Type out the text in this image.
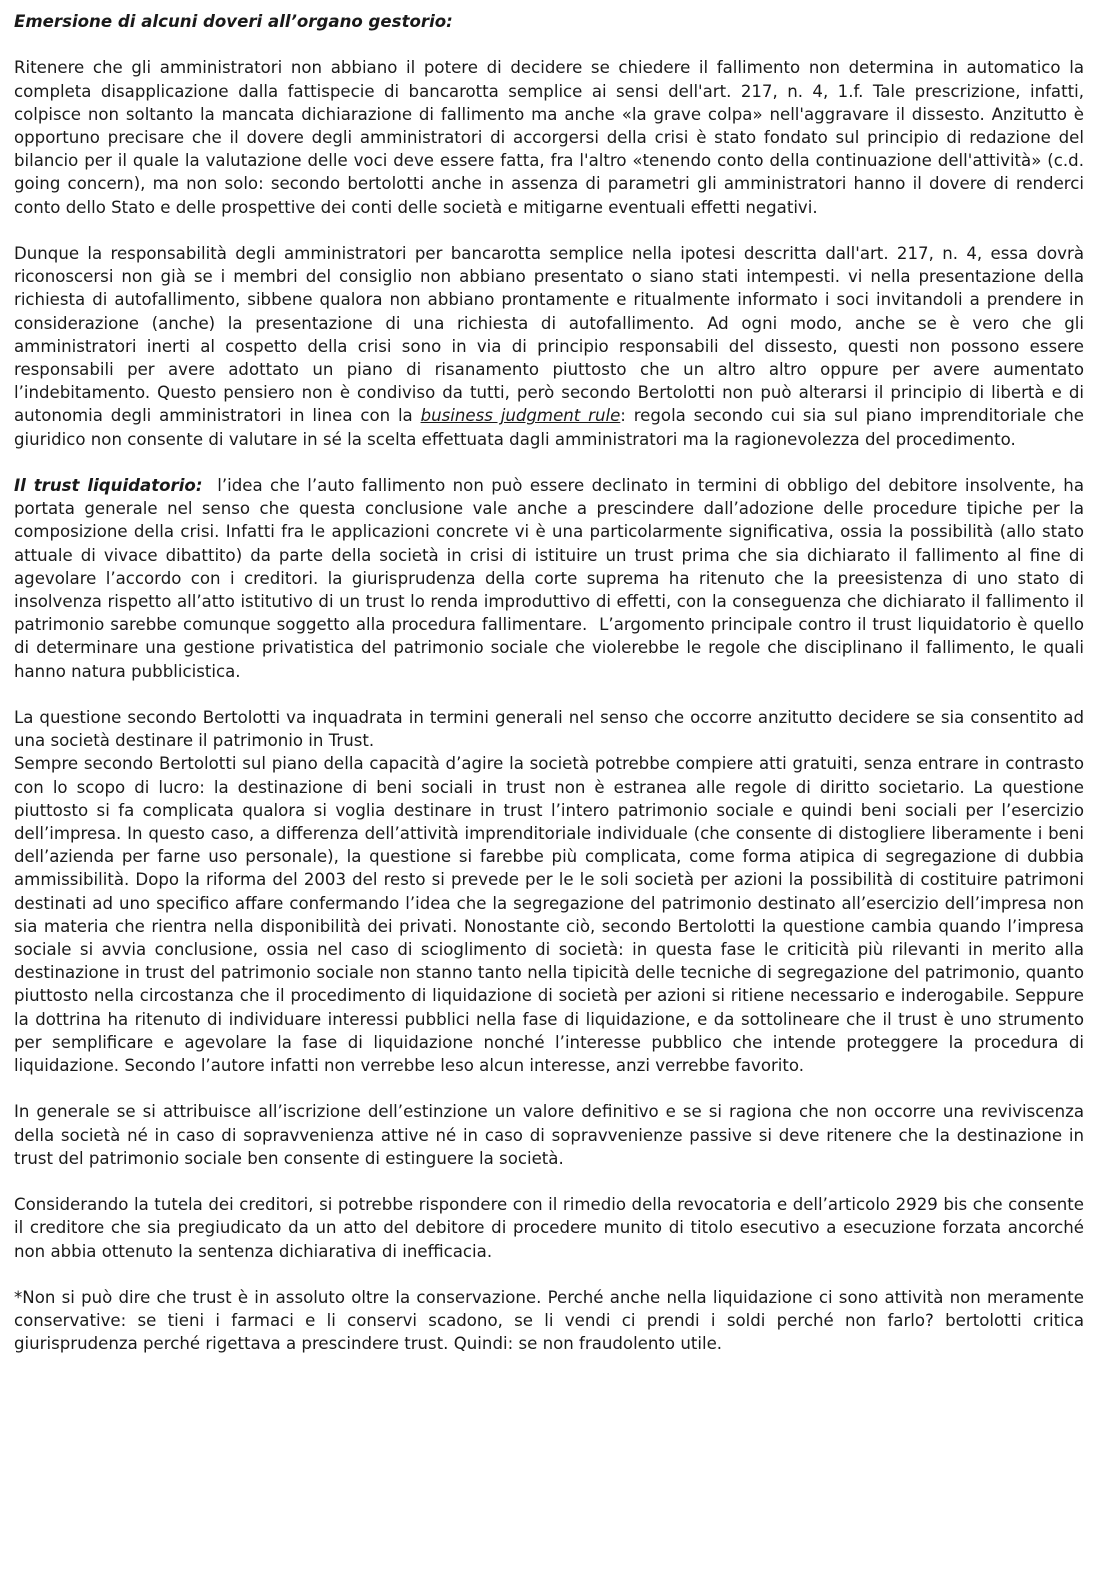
Emersione di alcuni doveri all’organo gestorio:

Ritenere che gli amministratori non abbiano il potere di decidere se chiedere il fallimento non determina in automatico la completa disapplicazione dalla fattispecie di bancarotta semplice ai sensi dell'art. 217, n. 4, 1.f. Tale prescrizione, infatti, colpisce non soltanto la mancata dichiarazione di fallimento ma anche «la grave colpa» nell'aggravare il dissesto. Anzitutto è opportuno precisare che il dovere degli amministratori di accorgersi della crisi è stato fondato sul principio di redazione del bilancio per il quale la valutazione delle voci deve essere fatta, fra l'altro «tenendo conto della continuazione dell'attività» (c.d. going concern), ma non solo: secondo bertolotti anche in assenza di parametri gli amministratori hanno il dovere di renderci conto dello Stato e delle prospettive dei conti delle società e mitigarne eventuali effetti negativi.

Dunque la responsabilità degli amministratori per bancarotta semplice nella ipotesi descritta dall'art. 217, n. 4, essa dovrà riconoscersi non già se i membri del consiglio non abbiano presentato o siano stati intempesti. vi nella presentazione della richiesta di autofallimento, sibbene qualora non abbiano prontamente e ritualmente informato i soci invitandoli a prendere in considerazione (anche) la presentazione di una richiesta di autofallimento. Ad ogni modo, anche se è vero che gli amministratori inerti al cospetto della crisi sono in via di principio responsabili del dissesto, questi non possono essere responsabili per avere adottato un piano di risanamento piuttosto che un altro altro oppure per avere aumentato l’indebitamento. Questo pensiero non è condiviso da tutti, però secondo Bertolotti non può alterarsi il principio di libertà e di autonomia degli amministratori in linea con la business judgment rule: regola secondo cui sia sul piano imprenditoriale che giuridico non consente di valutare in sé la scelta effettuata dagli amministratori ma la ragionevolezza del procedimento.

Il trust liquidatorio:  l’idea che l’auto fallimento non può essere declinato in termini di obbligo del debitore insolvente, ha portata generale nel senso che questa conclusione vale anche a prescindere dall’adozione delle procedure tipiche per la composizione della crisi. Infatti fra le applicazioni concrete vi è una particolarmente significativa, ossia la possibilità (allo stato attuale di vivace dibattito) da parte della società in crisi di istituire un trust prima che sia dichiarato il fallimento al fine di agevolare l’accordo con i creditori. la giurisprudenza della corte suprema ha ritenuto che la preesistenza di uno stato di insolvenza rispetto all’atto istitutivo di un trust lo renda improduttivo di effetti, con la conseguenza che dichiarato il fallimento il patrimonio sarebbe comunque soggetto alla procedura fallimentare.  L’argomento principale contro il trust liquidatorio è quello di determinare una gestione privatistica del patrimonio sociale che violerebbe le regole che disciplinano il fallimento, le quali hanno natura pubblicistica.

La questione secondo Bertolotti va inquadrata in termini generali nel senso che occorre anzitutto decidere se sia consentito ad una società destinare il patrimonio in Trust.

Sempre secondo Bertolotti sul piano della capacità d’agire la società potrebbe compiere atti gratuiti, senza entrare in contrasto con lo scopo di lucro: la destinazione di beni sociali in trust non è estranea alle regole di diritto societario. La questione piuttosto si fa complicata qualora si voglia destinare in trust l’intero patrimonio sociale e quindi beni sociali per l’esercizio dell’impresa. In questo caso, a differenza dell’attività imprenditoriale individuale (che consente di distogliere liberamente i beni dell’azienda per farne uso personale), la questione si farebbe più complicata, come forma atipica di segregazione di dubbia ammissibilità. Dopo la riforma del 2003 del resto si prevede per le le soli società per azioni la possibilità di costituire patrimoni destinati ad uno specifico affare confermando l’idea che la segregazione del patrimonio destinato all’esercizio dell’impresa non sia materia che rientra nella disponibilità dei privati. Nonostante ciò, secondo Bertolotti la questione cambia quando l’impresa sociale si avvia conclusione, ossia nel caso di scioglimento di società: in questa fase le criticità più rilevanti in merito alla destinazione in trust del patrimonio sociale non stanno tanto nella tipicità delle tecniche di segregazione del patrimonio, quanto piuttosto nella circostanza che il procedimento di liquidazione di società per azioni si ritiene necessario e inderogabile. Seppure la dottrina ha ritenuto di individuare interessi pubblici nella fase di liquidazione, e da sottolineare che il trust è uno strumento per semplificare e agevolare la fase di liquidazione nonché l’interesse pubblico che intende proteggere la procedura di liquidazione. Secondo l’autore infatti non verrebbe leso alcun interesse, anzi verrebbe favorito.

In generale se si attribuisce all’iscrizione dell’estinzione un valore definitivo e se si ragiona che non occorre una reviviscenza della società né in caso di sopravvenienza attive né in caso di sopravvenienze passive si deve ritenere che la destinazione in trust del patrimonio sociale ben consente di estinguere la società.

Considerando la tutela dei creditori, si potrebbe rispondere con il rimedio della revocatoria e dell’articolo 2929 bis che consente il creditore che sia pregiudicato da un atto del debitore di procedere munito di titolo esecutivo a esecuzione forzata ancorché non abbia ottenuto la sentenza dichiarativa di inefficacia.

*Non si può dire che trust è in assoluto oltre la conservazione. Perché anche nella liquidazione ci sono attività non meramente conservative: se tieni i farmaci e li conservi scadono, se li vendi ci prendi i soldi perché non farlo? bertolotti critica giurisprudenza perché rigettava a prescindere trust. Quindi: se non fraudolento utile.
